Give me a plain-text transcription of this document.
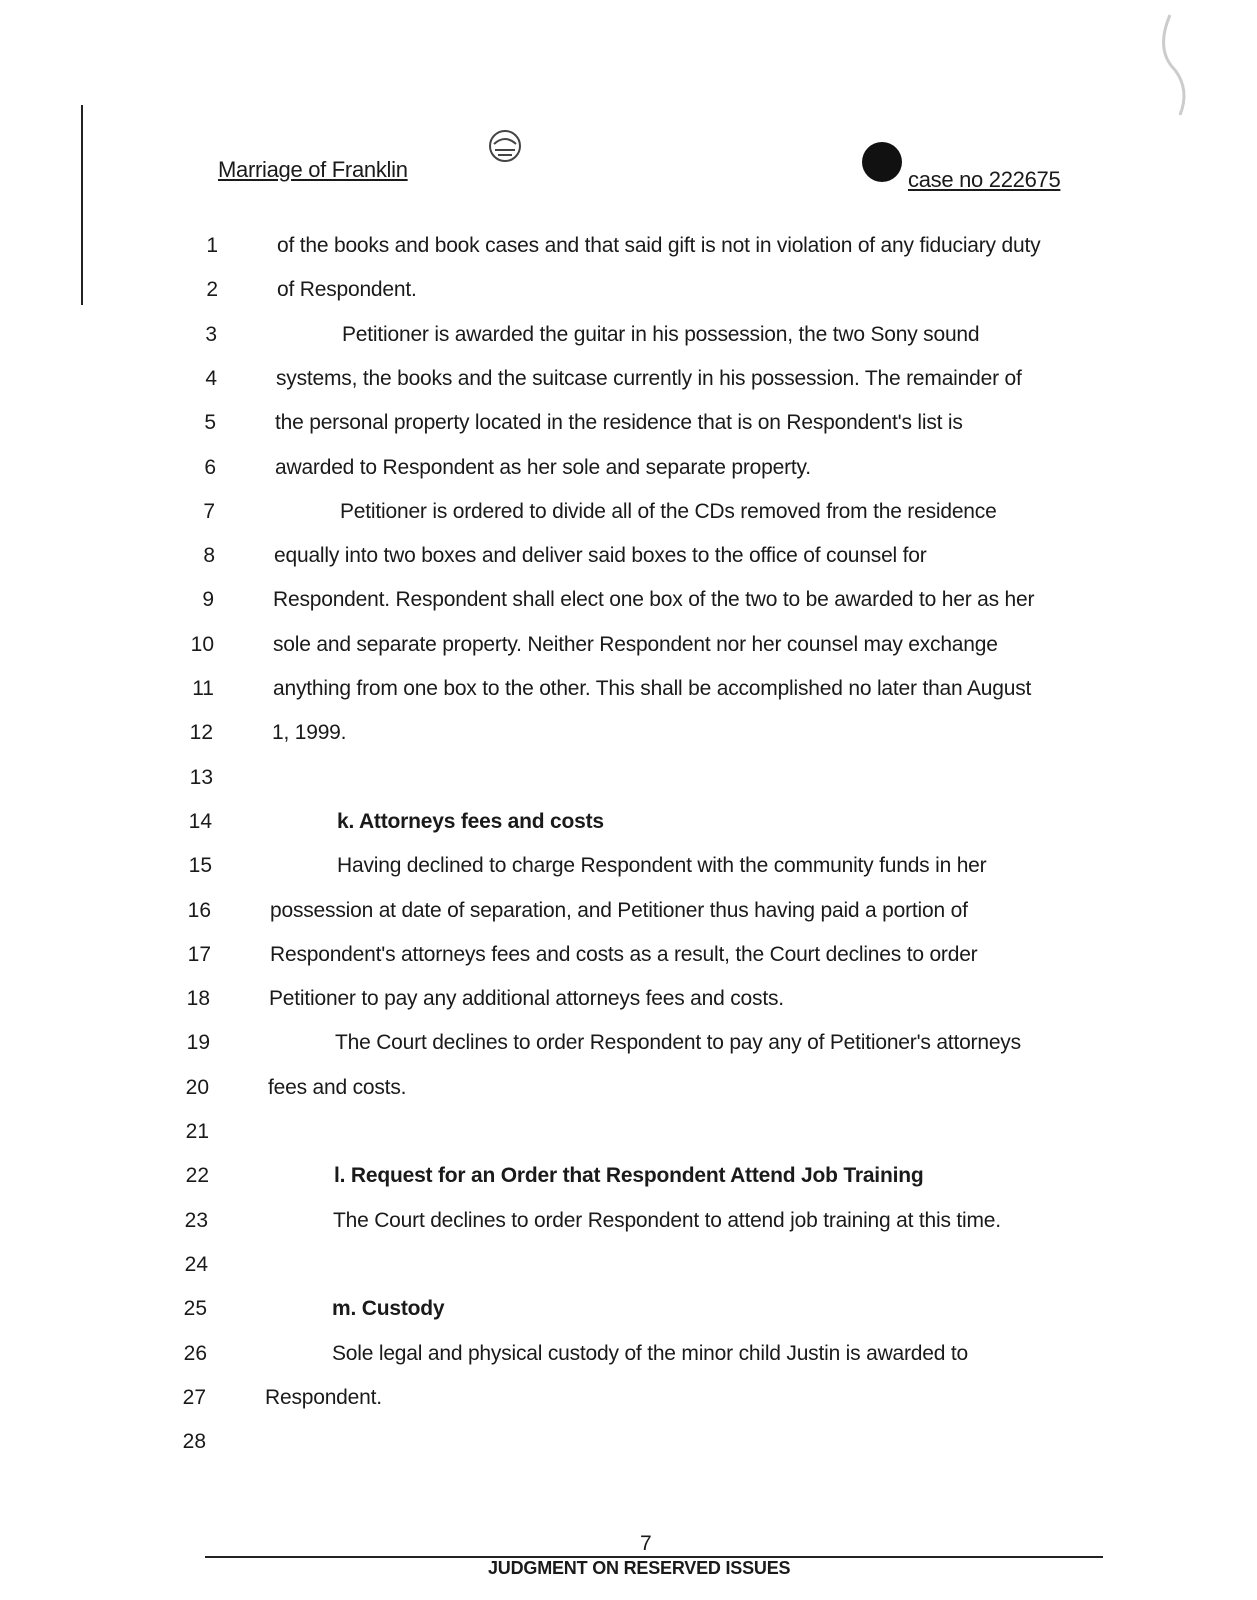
Marriage of Franklin	case no 222675
1	of the books and book cases and that said gift is not in violation of any fiduciary duty
2	of Respondent.
3	Petitioner is awarded the guitar in his possession, the two Sony sound
4	systems, the books and the suitcase currently in his possession. The remainder of
5	the personal property located in the residence that is on Respondent's list is
6	awarded to Respondent as her sole and separate property.
7	Petitioner is ordered to divide all of the CDs removed from the residence
8	equally into two boxes and deliver said boxes to the office of counsel for
9	Respondent. Respondent shall elect one box of the two to be awarded to her as her
10	sole and separate property. Neither Respondent nor her counsel may exchange
11	anything from one box to the other. This shall be accomplished no later than August
12	1, 1999.
13
14	k. Attorneys fees and costs
15	Having declined to charge Respondent with the community funds in her
16	possession at date of separation, and Petitioner thus having paid a portion of
17	Respondent's attorneys fees and costs as a result, the Court declines to order
18	Petitioner to pay any additional attorneys fees and costs.
19	The Court declines to order Respondent to pay any of Petitioner's attorneys
20	fees and costs.
21
22	l. Request for an Order that Respondent Attend Job Training
23	The Court declines to order Respondent to attend job training at this time.
24
25	m. Custody
26	Sole legal and physical custody of the minor child Justin is awarded to
27	Respondent.
28
7
JUDGMENT ON RESERVED ISSUES
